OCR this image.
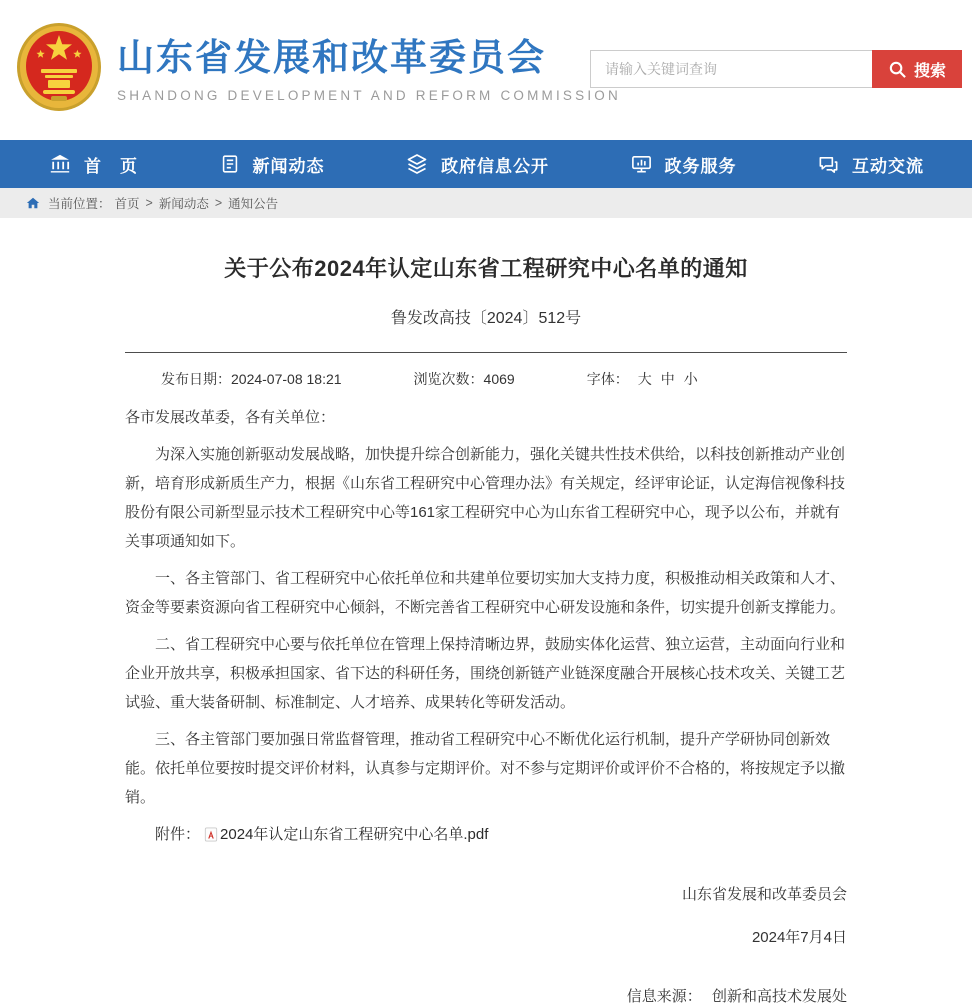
山东省发展和改革委员会
SHANDONG DEVELOPMENT AND REFORM COMMISSION
请输入关键词查询
搜索
首　页	新闻动态	政府信息公开	政务服务	互动交流
当前位置： 首页 > 新闻动态 > 通知公告
关于公布2024年认定山东省工程研究中心名单的通知
鲁发改高技〔2024〕512号
发布日期： 2024-07-08 18:21	浏览次数： 4069	字体： 大 中 小

各市发展改革委，各有关单位：

为深入实施创新驱动发展战略，加快提升综合创新能力，强化关键共性技术供给，以科技创新推动产业创新，培育形成新质生产力，根据《山东省工程研究中心管理办法》有关规定，经评审论证，认定海信视像科技股份有限公司新型显示技术工程研究中心等161家工程研究中心为山东省工程研究中心，现予以公布，并就有关事项通知如下。

一、各主管部门、省工程研究中心依托单位和共建单位要切实加大支持力度，积极推动相关政策和人才、资金等要素资源向省工程研究中心倾斜，不断完善省工程研究中心研发设施和条件，切实提升创新支撑能力。

二、省工程研究中心要与依托单位在管理上保持清晰边界，鼓励实体化运营、独立运营，主动面向行业和企业开放共享，积极承担国家、省下达的科研任务，围绕创新链产业链深度融合开展核心技术攻关、关键工艺试验、重大装备研制、标准制定、人才培养、成果转化等研发活动。

三、各主管部门要加强日常监督管理，推动省工程研究中心不断优化运行机制，提升产学研协同创新效能。依托单位要按时提交评价材料，认真参与定期评价。对不参与定期评价或评价不合格的，将按规定予以撤销。

附件： 2024年认定山东省工程研究中心名单.pdf

山东省发展和改革委员会
2024年7月4日
信息来源： 创新和高技术发展处
